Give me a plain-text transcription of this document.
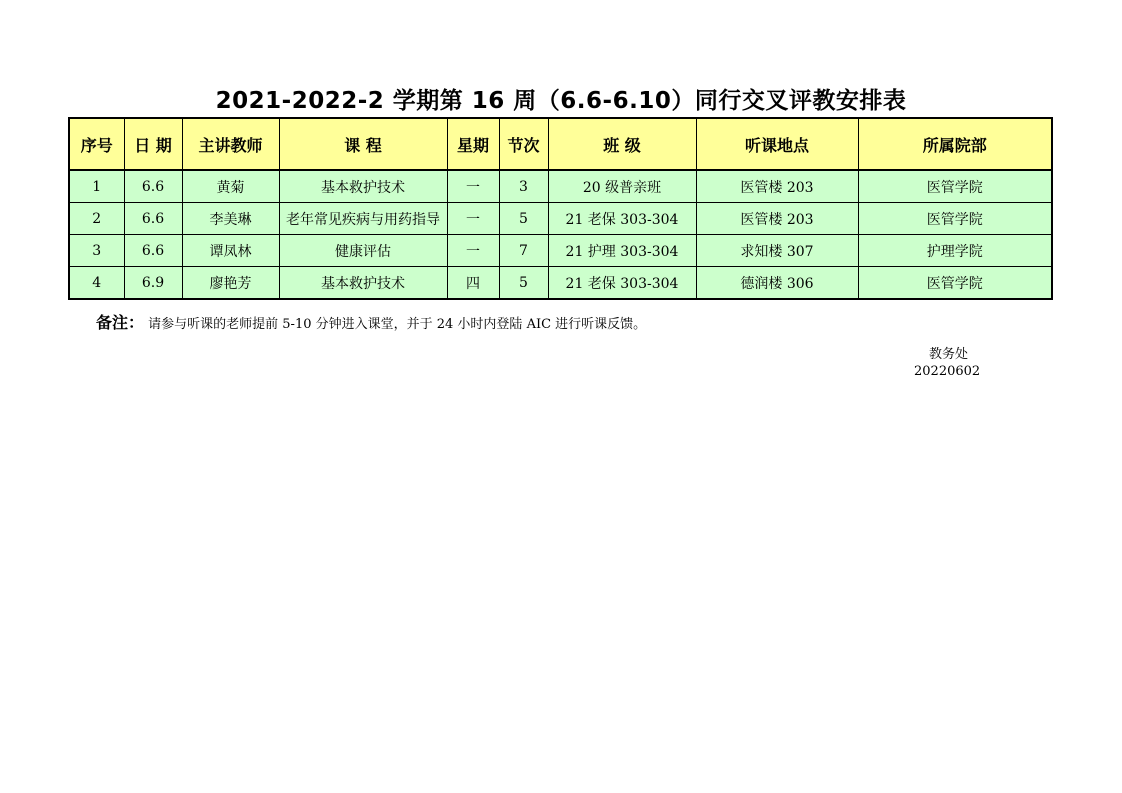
2021-2022-2 学期第 16 周（6.6-6.10）同行交叉评教安排表
序号	日 期	主讲教师	课 程	星期	节次	班 级	听课地点	所属院部
1	6.6	黄菊	基本救护技术	一	3	20 级普亲班	医管楼 203	医管学院
2	6.6	李美琳	老年常见疾病与用药指导	一	5	21 老保 303-304	医管楼 203	医管学院
3	6.6	谭凤林	健康评估	一	7	21 护理 303-304	求知楼 307	护理学院
4	6.9	廖艳芳	基本救护技术	四	5	21 老保 303-304	德润楼 306	医管学院
备注： 请参与听课的老师提前 5-10 分钟进入课堂，并于 24 小时内登陆 AIC 进行听课反馈。
教务处
20220602
